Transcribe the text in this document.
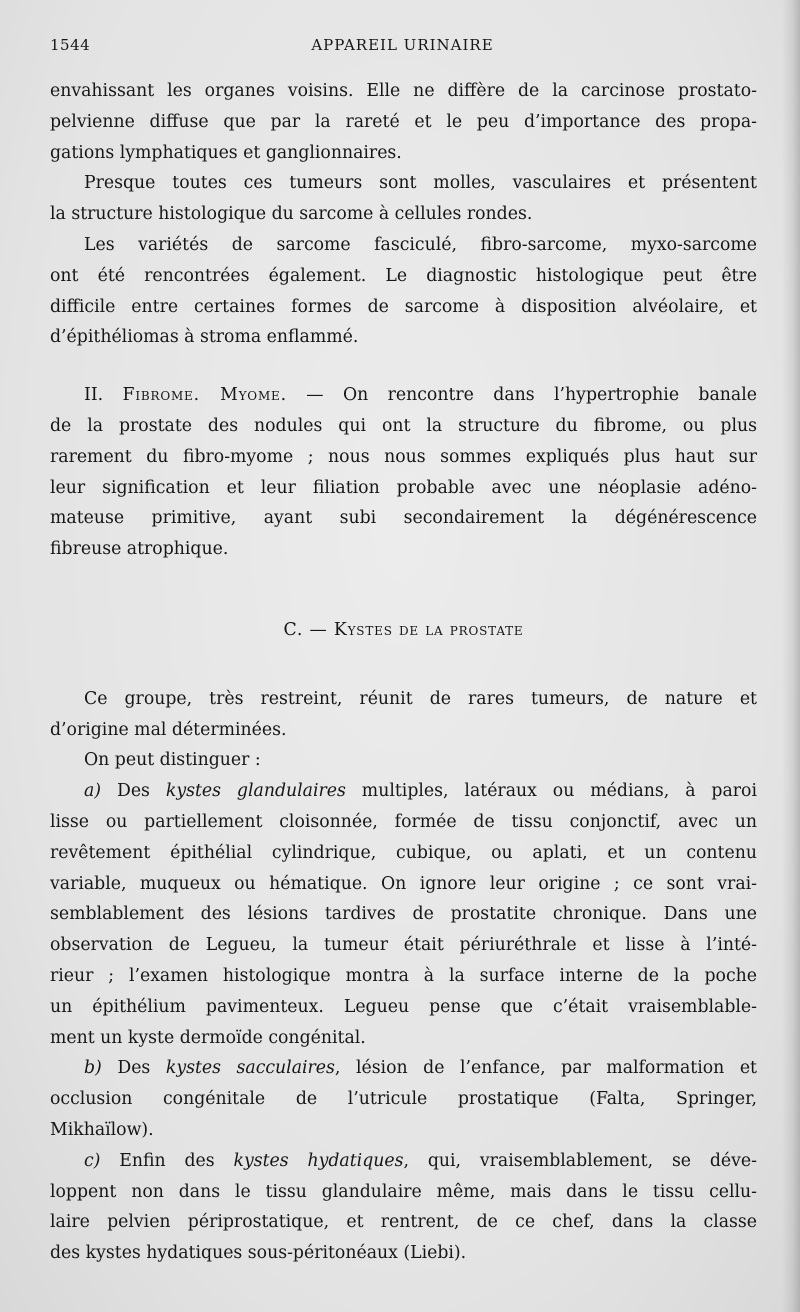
1544	APPAREIL URINAIRE
envahissant les organes voisins. Elle ne diffère de la carcinose prostato-
pelvienne diffuse que par la rareté et le peu d’importance des propa-
gations lymphatiques et ganglionnaires.
Presque toutes ces tumeurs sont molles, vasculaires et présentent
la structure histologique du sarcome à cellules rondes.
Les variétés de sarcome fasciculé, fibro-sarcome, myxo-sarcome
ont été rencontrées également. Le diagnostic histologique peut être
difficile entre certaines formes de sarcome à disposition alvéolaire, et
d’épithéliomas à stroma enflammé.
II. Fibrome. Myome. — On rencontre dans l’hypertrophie banale
de la prostate des nodules qui ont la structure du fibrome, ou plus
rarement du fibro-myome ; nous nous sommes expliqués plus haut sur
leur signification et leur filiation probable avec une néoplasie adéno-
mateuse primitive, ayant subi secondairement la dégénérescence
fibreuse atrophique.
C. — Kystes de la prostate
Ce groupe, très restreint, réunit de rares tumeurs, de nature et
d’origine mal déterminées.
On peut distinguer :
a) Des kystes glandulaires multiples, latéraux ou médians, à paroi
lisse ou partiellement cloisonnée, formée de tissu conjonctif, avec un
revêtement épithélial cylindrique, cubique, ou aplati, et un contenu
variable, muqueux ou hématique. On ignore leur origine ; ce sont vrai-
semblablement des lésions tardives de prostatite chronique. Dans une
observation de Legueu, la tumeur était périuréthrale et lisse à l’inté-
rieur ; l’examen histologique montra à la surface interne de la poche
un épithélium pavimenteux. Legueu pense que c’était vraisemblable-
ment un kyste dermoïde congénital.
b) Des kystes sacculaires, lésion de l’enfance, par malformation et
occlusion congénitale de l’utricule prostatique (Falta, Springer,
Mikhaïlow).
c) Enfin des kystes hydatiques, qui, vraisemblablement, se déve-
loppent non dans le tissu glandulaire même, mais dans le tissu cellu-
laire pelvien périprostatique, et rentrent, de ce chef, dans la classe
des kystes hydatiques sous-péritonéaux (Liebi).
